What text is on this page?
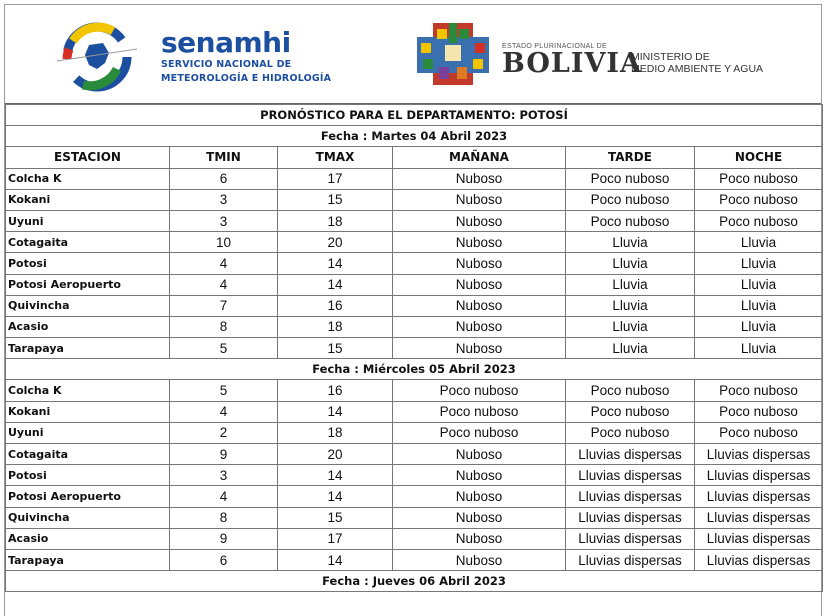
senamhi
SERVICIO NACIONAL DE
METEOROLOGÍA E HIDROLOGÍA
ESTADO PLURINACIONAL DE
BOLIVIA
MINISTERIO DE
MEDIO AMBIENTE Y AGUA
PRONÓSTICO PARA EL DEPARTAMENTO: POTOSÍ					
Fecha : Martes 04 Abril 2023					
ESTACION	TMIN	TMAX	MAÑANA	TARDE	NOCHE
Colcha K	6	17	Nuboso	Poco nuboso	Poco nuboso
Kokani	3	15	Nuboso	Poco nuboso	Poco nuboso
Uyuni	3	18	Nuboso	Poco nuboso	Poco nuboso
Cotagaita	10	20	Nuboso	Lluvia	Lluvia
Potosi	4	14	Nuboso	Lluvia	Lluvia
Potosi Aeropuerto	4	14	Nuboso	Lluvia	Lluvia
Quivincha	7	16	Nuboso	Lluvia	Lluvia
Acasio	8	18	Nuboso	Lluvia	Lluvia
Tarapaya	5	15	Nuboso	Lluvia	Lluvia
Fecha : Miércoles 05 Abril 2023					
Colcha K	5	16	Poco nuboso	Poco nuboso	Poco nuboso
Kokani	4	14	Poco nuboso	Poco nuboso	Poco nuboso
Uyuni	2	18	Poco nuboso	Poco nuboso	Poco nuboso
Cotagaita	9	20	Nuboso	Lluvias dispersas	Lluvias dispersas
Potosi	3	14	Nuboso	Lluvias dispersas	Lluvias dispersas
Potosi Aeropuerto	4	14	Nuboso	Lluvias dispersas	Lluvias dispersas
Quivincha	8	15	Nuboso	Lluvias dispersas	Lluvias dispersas
Acasio	9	17	Nuboso	Lluvias dispersas	Lluvias dispersas
Tarapaya	6	14	Nuboso	Lluvias dispersas	Lluvias dispersas
Fecha : Jueves 06 Abril 2023					
